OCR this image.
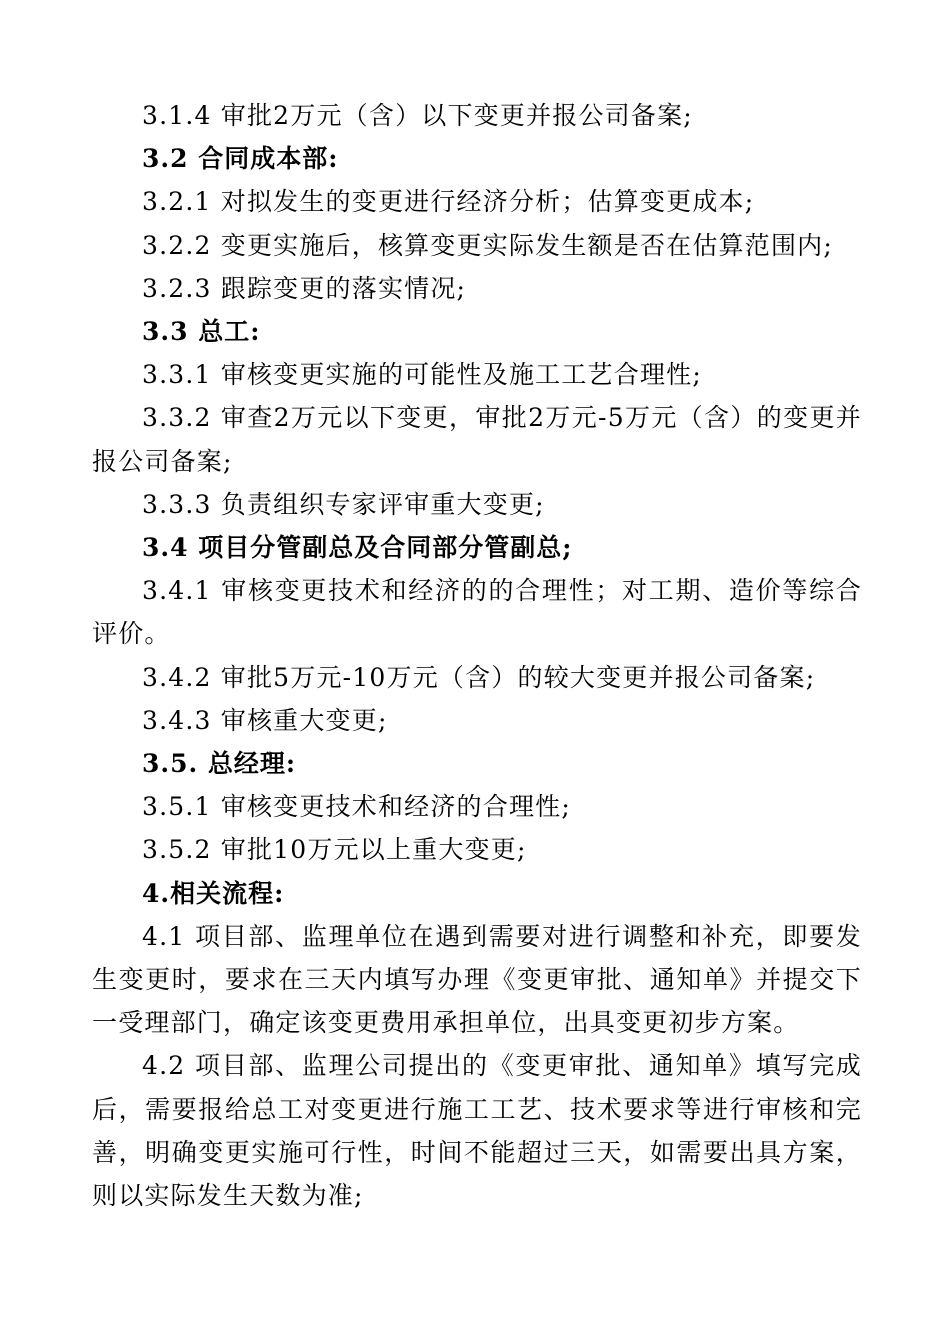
3.1.4 审批2万元（含）以下变更并报公司备案;

3.2 合同成本部:

3.2.1 对拟发生的变更进行经济分析；估算变更成本;

3.2.2 变更实施后，核算变更实际发生额是否在估算范围内;

3.2.3 跟踪变更的落实情况;

3.3 总工:

3.3.1 审核变更实施的可能性及施工工艺合理性;

3.3.2 审查2万元以下变更，审批2万元-5万元（含）的变更并报公司备案;

3.3.3 负责组织专家评审重大变更;

3.4 项目分管副总及合同部分管副总;

3.4.1 审核变更技术和经济的的合理性；对工期、造价等综合评价。

3.4.2 审批5万元-10万元（含）的较大变更并报公司备案;

3.4.3 审核重大变更;

3.5. 总经理:

3.5.1 审核变更技术和经济的合理性;

3.5.2 审批10万元以上重大变更;

4.相关流程:

4.1 项目部、监理单位在遇到需要对进行调整和补充，即要发生变更时，要求在三天内填写办理《变更审批、通知单》并提交下一受理部门，确定该变更费用承担单位，出具变更初步方案。

4.2 项目部、监理公司提出的《变更审批、通知单》填写完成后，需要报给总工对变更进行施工工艺、技术要求等进行审核和完善，明确变更实施可行性，时间不能超过三天，如需要出具方案，则以实际发生天数为准;
